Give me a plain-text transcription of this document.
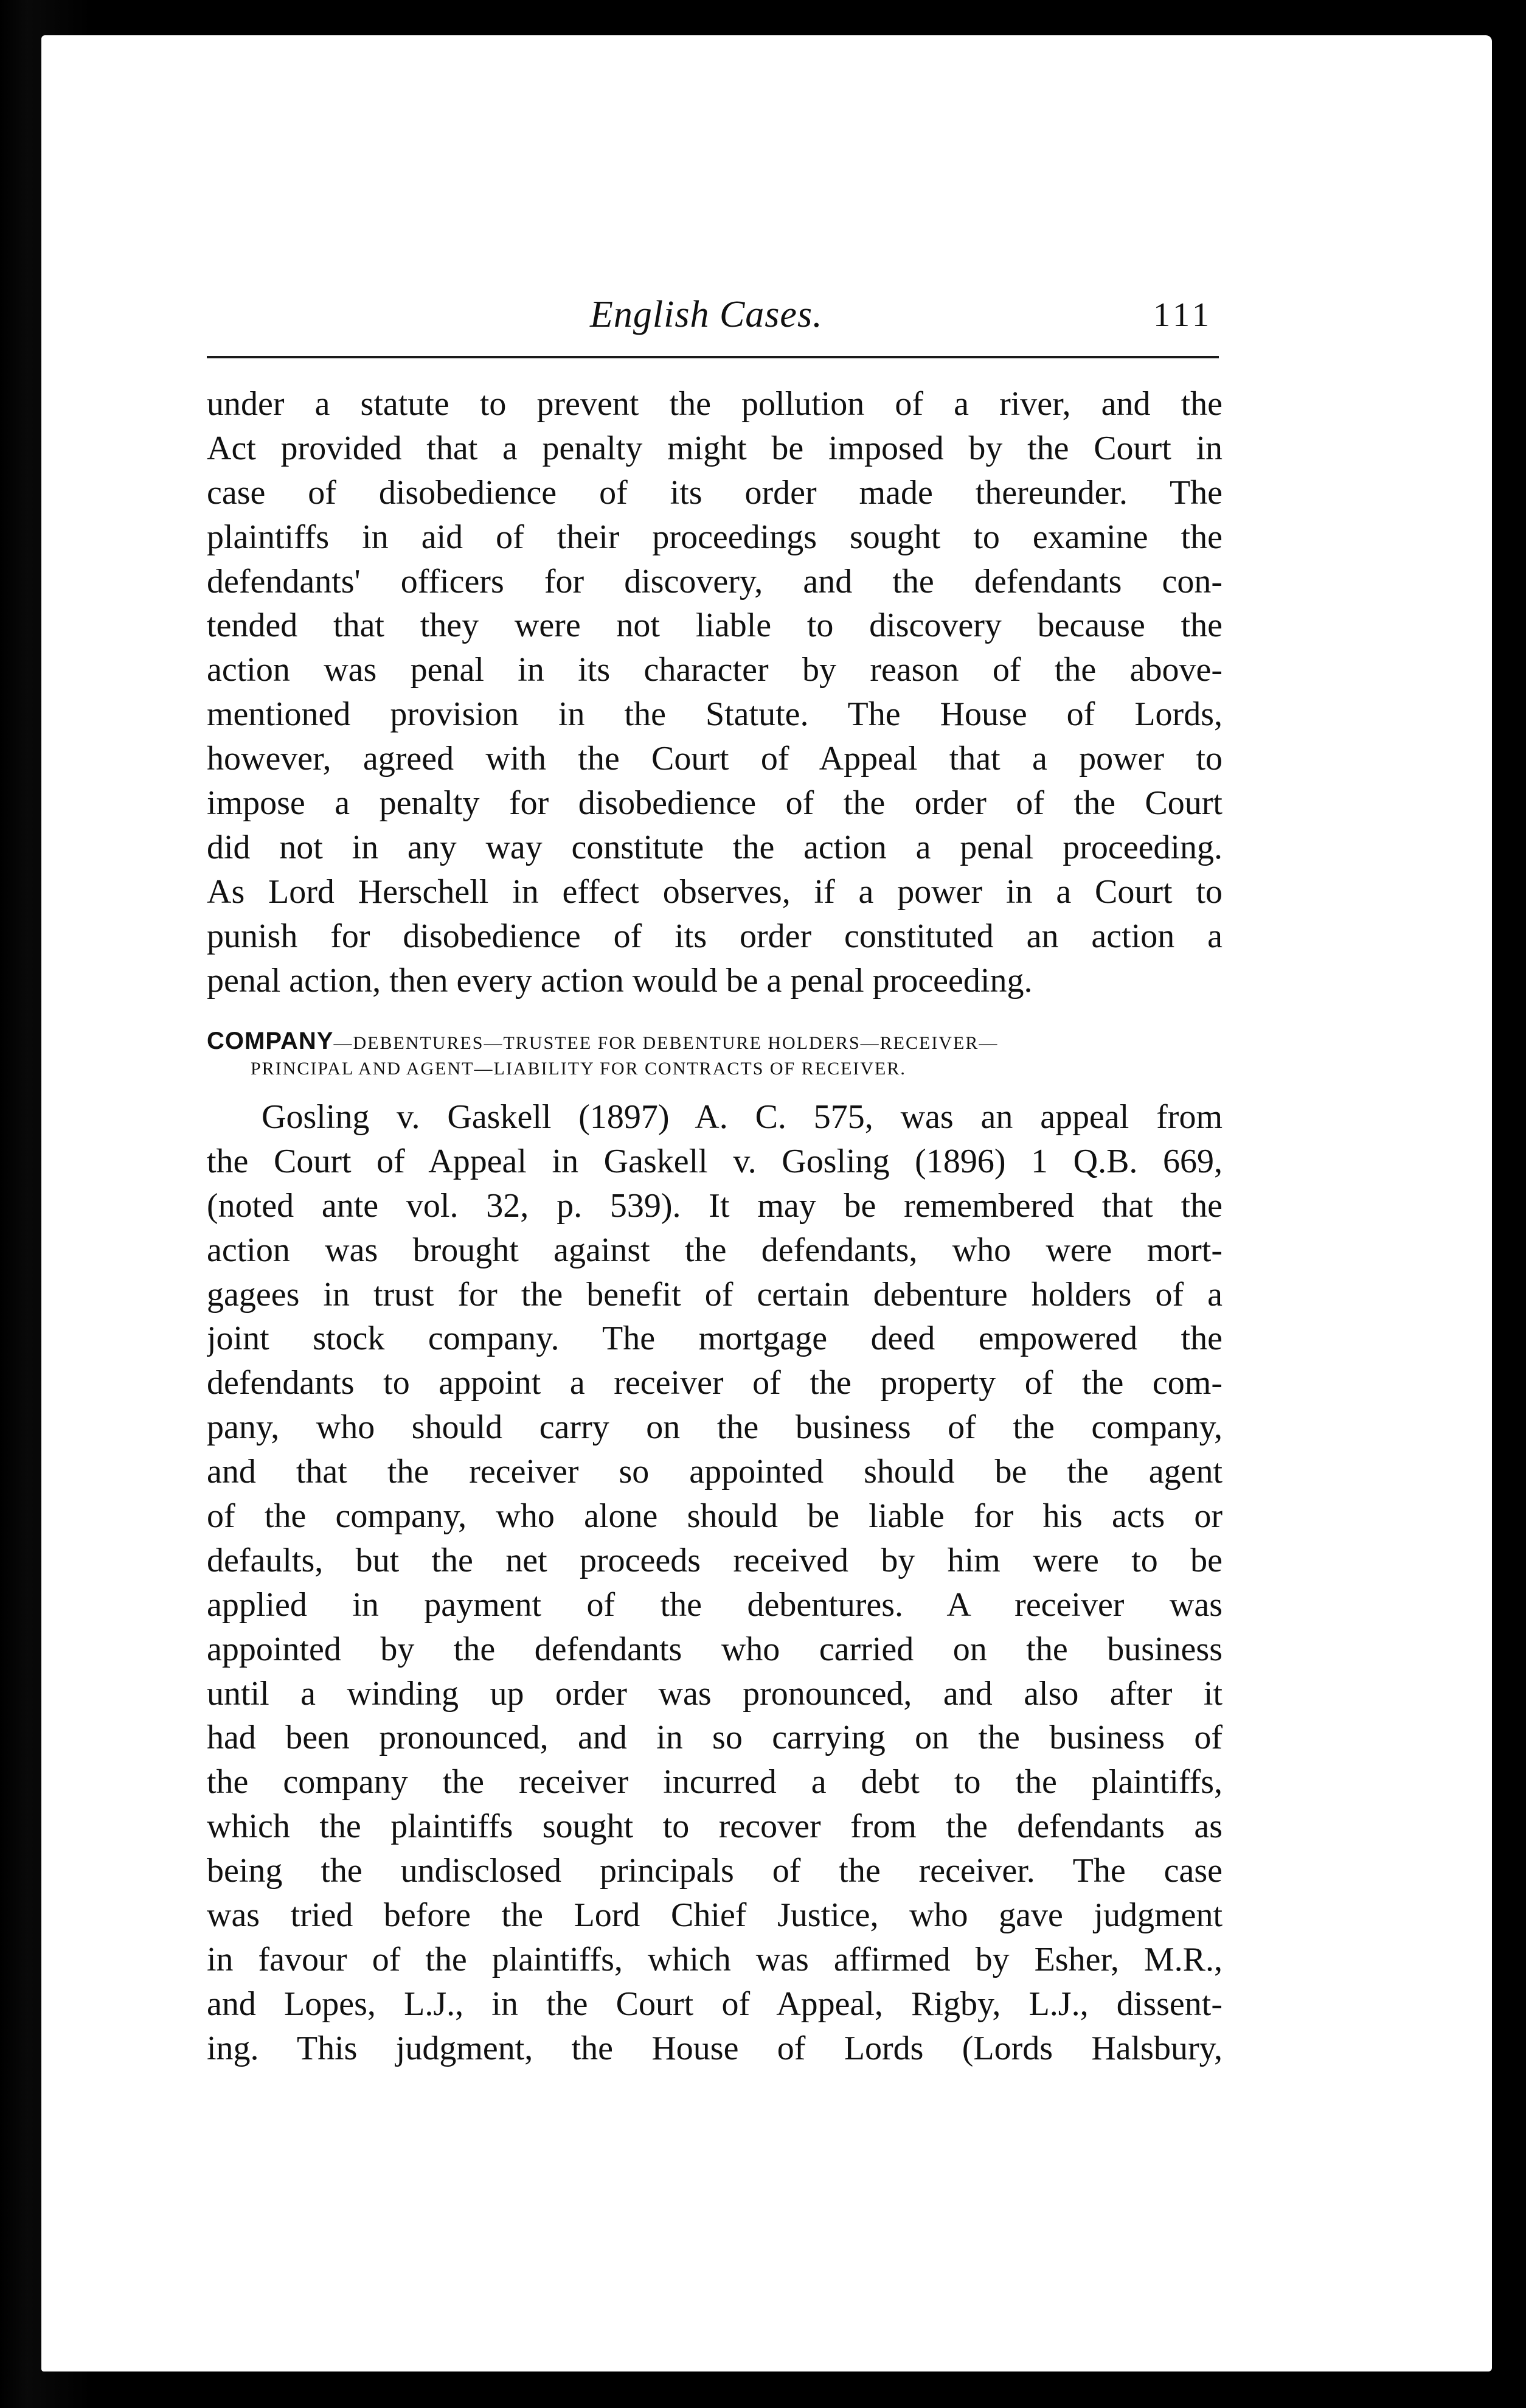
English Cases.	111
under a statute to prevent the pollution of a river, and the
Act provided that a penalty might be imposed by the Court in
case of disobedience of its order made thereunder. The
plaintiffs in aid of their proceedings sought to examine the
defendants' officers for discovery, and the defendants con-
tended that they were not liable to discovery because the
action was penal in its character by reason of the above-
mentioned provision in the Statute. The House of Lords,
however, agreed with the Court of Appeal that a power to
impose a penalty for disobedience of the order of the Court
did not in any way constitute the action a penal proceeding.
As Lord Herschell in effect observes, if a power in a Court to
punish for disobedience of its order constituted an action a
penal action, then every action would be a penal proceeding.
COMPANY—DEBENTURES—TRUSTEE FOR DEBENTURE HOLDERS—RECEIVER—
PRINCIPAL AND AGENT—LIABILITY FOR CONTRACTS OF RECEIVER.
Gosling v. Gaskell (1897) A. C. 575, was an appeal from
the Court of Appeal in Gaskell v. Gosling (1896) 1 Q.B. 669,
(noted ante vol. 32, p. 539). It may be remembered that the
action was brought against the defendants, who were mort-
gagees in trust for the benefit of certain debenture holders of a
joint stock company. The mortgage deed empowered the
defendants to appoint a receiver of the property of the com-
pany, who should carry on the business of the company,
and that the receiver so appointed should be the agent
of the company, who alone should be liable for his acts or
defaults, but the net proceeds received by him were to be
applied in payment of the debentures. A receiver was
appointed by the defendants who carried on the business
until a winding up order was pronounced, and also after it
had been pronounced, and in so carrying on the business of
the company the receiver incurred a debt to the plaintiffs,
which the plaintiffs sought to recover from the defendants as
being the undisclosed principals of the receiver. The case
was tried before the Lord Chief Justice, who gave judgment
in favour of the plaintiffs, which was affirmed by Esher, M.R.,
and Lopes, L.J., in the Court of Appeal, Rigby, L.J., dissent-
ing. This judgment, the House of Lords (Lords Halsbury,
